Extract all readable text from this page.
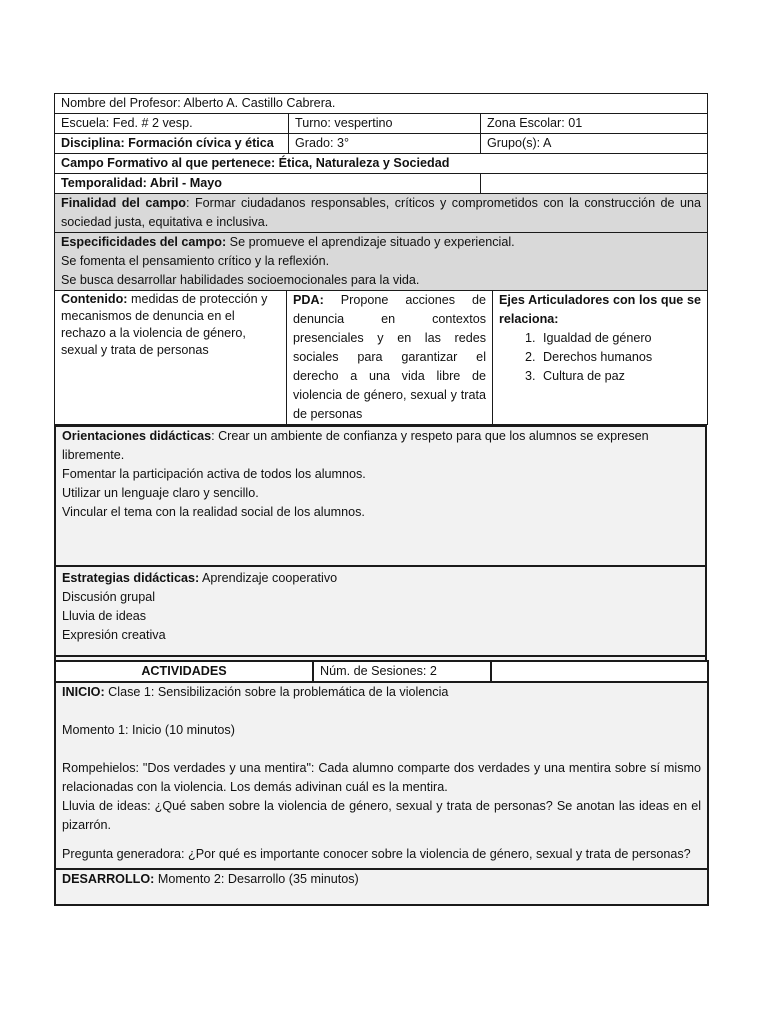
Nombre del Profesor: Alberto A. Castillo Cabrera.		
Escuela: Fed. # 2 vesp.	Turno: vespertino	Zona Escolar: 01
Disciplina: Formación cívica y ética	Grado: 3°	Grupo(s): A
Campo Formativo al que pertenece: Ética, Naturaleza y Sociedad		
Temporalidad: Abril - Mayo		
Finalidad del campo: Formar ciudadanos responsables, críticos y comprometidos con la construcción de una sociedad justa, equitativa e inclusiva.		

Especificidades del campo: Se promueve el aprendizaje situado y experiencial.
Se fomenta el pensamiento crítico y la reflexión.
Se busca desarrollar habilidades socioemocionales para la vida.		
Contenido: medidas de protección y mecanismos de denuncia en el rechazo a la violencia de género, sexual y trata de personas	PDA: Propone acciones de denuncia en contextos presenciales y en las redes sociales para garantizar el derecho a una vida libre de violencia de género, sexual y trata de personas	Ejes Articuladores con los que se relaciona:
1. Igualdad de género
2. Derechos humanos
3. Cultura de paz
Orientaciones didácticas: Crear un ambiente de confianza y respeto para que los alumnos se expresen libremente.
Fomentar la participación activa de todos los alumnos.
Utilizar un lenguaje claro y sencillo.
Vincular el tema con la realidad social de los alumnos.

Estrategias didácticas: Aprendizaje cooperativo
Discusión grupal
Lluvia de ideas
Expresión creativa
ACTIVIDADES	Núm. de Sesiones: 2	

INICIO: Clase 1: Sensibilización sobre la problemática de la violencia
Momento 1: Inicio (10 minutos)
Rompehielos: "Dos verdades y una mentira": Cada alumno comparte dos verdades y una mentira sobre sí mismo relacionadas con la violencia. Los demás adivinan cuál es la mentira.
Lluvia de ideas: ¿Qué saben sobre la violencia de género, sexual y trata de personas? Se anotan las ideas en el pizarrón.
Pregunta generadora: ¿Por qué es importante conocer sobre la violencia de género, sexual y trata de personas?

DESARROLLO: Momento 2: Desarrollo (35 minutos)
